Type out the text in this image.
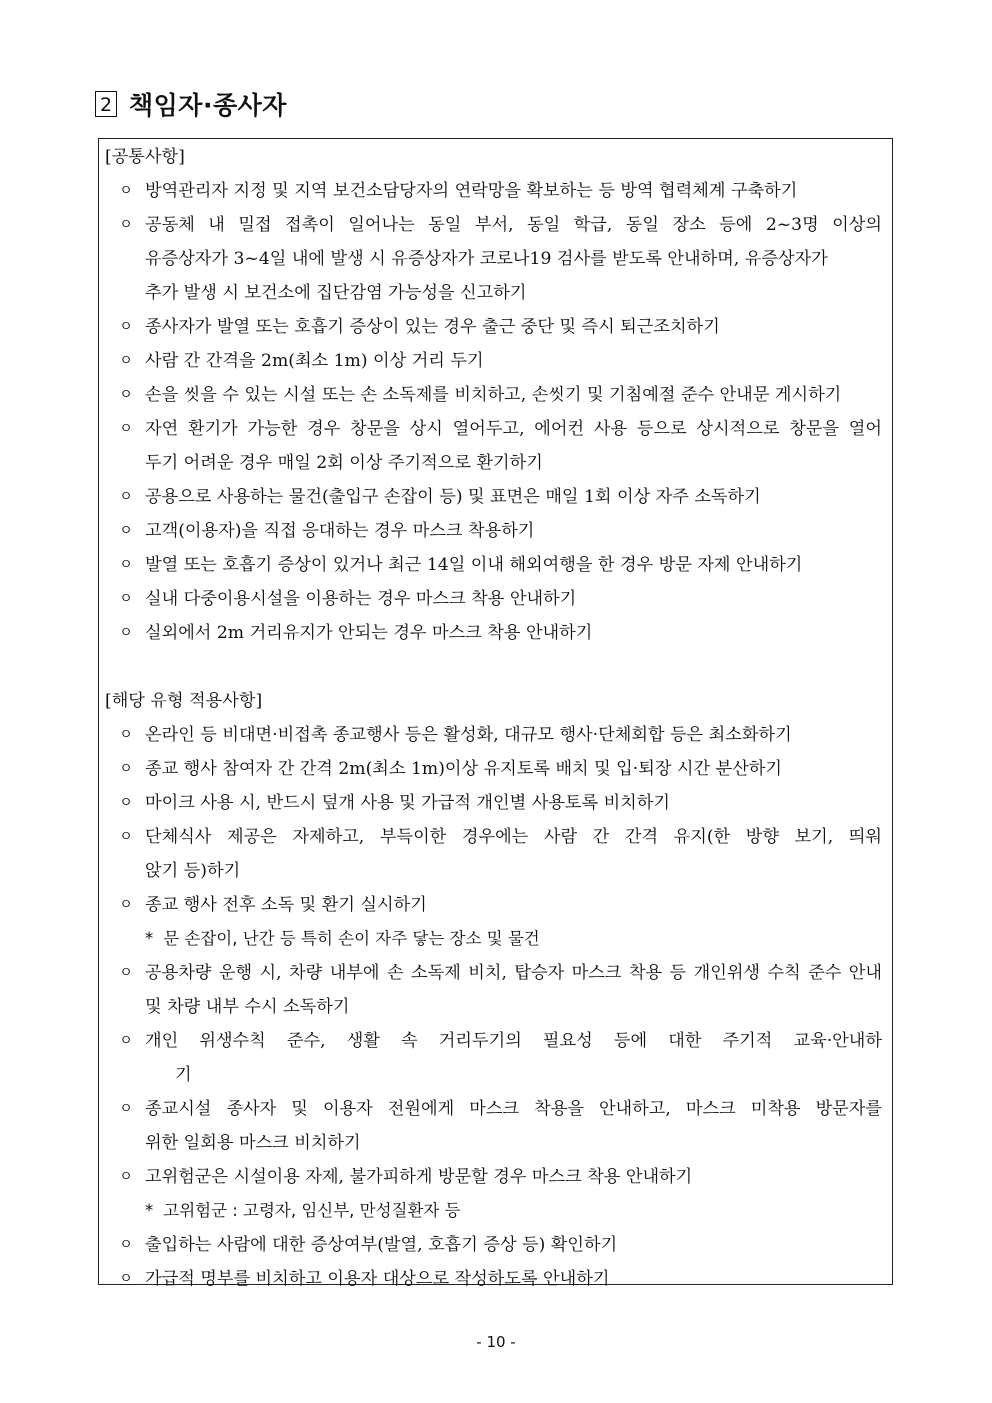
2 책임자·종사자
[공통사항]
ㅇ 방역관리자 지정 및 지역 보건소담당자의 연락망을 확보하는 등 방역 협력체계 구축하기
ㅇ 공동체 내 밀접 접촉이 일어나는 동일 부서, 동일 학급, 동일 장소 등에 2~3명 이상의
유증상자가 3~4일 내에 발생 시 유증상자가 코로나19 검사를 받도록 안내하며, 유증상자가
추가 발생 시 보건소에 집단감염 가능성을 신고하기
ㅇ 종사자가 발열 또는 호흡기 증상이 있는 경우 출근 중단 및 즉시 퇴근조치하기
ㅇ 사람 간 간격을 2m(최소 1m) 이상 거리 두기
ㅇ 손을 씻을 수 있는 시설 또는 손 소독제를 비치하고, 손씻기 및 기침예절 준수 안내문 게시하기
ㅇ 자연 환기가 가능한 경우 창문을 상시 열어두고, 에어컨 사용 등으로 상시적으로 창문을 열어
두기 어려운 경우 매일 2회 이상 주기적으로 환기하기
ㅇ 공용으로 사용하는 물건(출입구 손잡이 등) 및 표면은 매일 1회 이상 자주 소독하기
ㅇ 고객(이용자)을 직접 응대하는 경우 마스크 착용하기
ㅇ 발열 또는 호흡기 증상이 있거나 최근 14일 이내 해외여행을 한 경우 방문 자제 안내하기
ㅇ 실내 다중이용시설을 이용하는 경우 마스크 착용 안내하기
ㅇ 실외에서 2m 거리유지가 안되는 경우 마스크 착용 안내하기
[해당 유형 적용사항]
ㅇ 온라인 등 비대면·비접촉 종교행사 등은 활성화, 대규모 행사·단체회합 등은 최소화하기
ㅇ 종교 행사 참여자 간 간격 2m(최소 1m)이상 유지토록 배치 및 입·퇴장 시간 분산하기
ㅇ 마이크 사용 시, 반드시 덮개 사용 및 가급적 개인별 사용토록 비치하기
ㅇ 단체식사 제공은 자제하고, 부득이한 경우에는 사람 간 간격 유지(한 방향 보기, 띄워
앉기 등)하기
ㅇ 종교 행사 전후 소독 및 환기 실시하기
* 문 손잡이, 난간 등 특히 손이 자주 닿는 장소 및 물건
ㅇ 공용차량 운행 시, 차량 내부에 손 소독제 비치, 탑승자 마스크 착용 등 개인위생 수칙 준수 안내
및 차량 내부 수시 소독하기
ㅇ 개인 위생수칙 준수, 생활 속 거리두기의 필요성 등에 대한 주기적 교육·안내하
기
ㅇ 종교시설 종사자 및 이용자 전원에게 마스크 착용을 안내하고, 마스크 미착용 방문자를
위한 일회용 마스크 비치하기
ㅇ 고위험군은 시설이용 자제, 불가피하게 방문할 경우 마스크 착용 안내하기
* 고위험군 : 고령자, 임신부, 만성질환자 등
ㅇ 출입하는 사람에 대한 증상여부(발열, 호흡기 증상 등) 확인하기
ㅇ 가급적 명부를 비치하고 이용자 대상으로 작성하도록 안내하기
- 10 -
